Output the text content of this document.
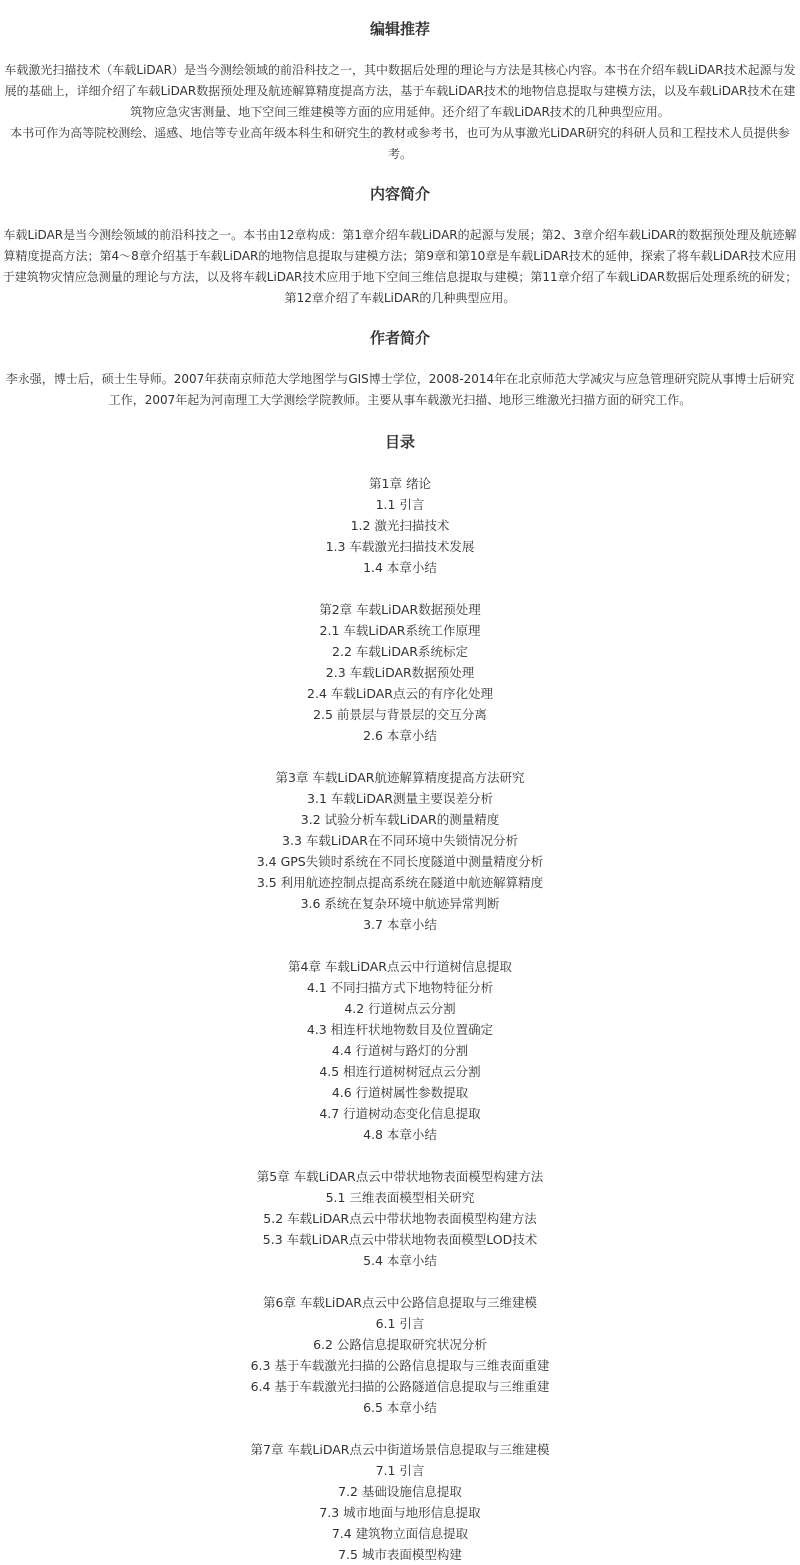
编辑推荐

车载激光扫描技术（车载LiDAR）是当今测绘领域的前沿科技之一，其中数据后处理的理论与方法是其核心内容。本书在介绍车载LiDAR技术起源与发展的基础上，详细介绍了车载LiDAR数据预处理及航迹解算精度提高方法，基于车载LiDAR技术的地物信息提取与建模方法，以及车载LiDAR技术在建筑物应急灾害测量、地下空间三维建模等方面的应用延伸。还介绍了车载LiDAR技术的几种典型应用。

本书可作为高等院校测绘、遥感、地信等专业高年级本科生和研究生的教材或参考书，也可为从事激光LiDAR研究的科研人员和工程技术人员提供参考。

内容简介

车载LiDAR是当今测绘领域的前沿科技之一。本书由12章构成：第1章介绍车载LiDAR的起源与发展；第2、3章介绍车载LiDAR的数据预处理及航迹解算精度提高方法；第4～8章介绍基于车载LiDAR的地物信息提取与建模方法；第9章和第10章是车载LiDAR技术的延伸，探索了将车载LiDAR技术应用于建筑物灾情应急测量的理论与方法，以及将车载LiDAR技术应用于地下空间三维信息提取与建模；第11章介绍了车载LiDAR数据后处理系统的研发；第12章介绍了车载LiDAR的几种典型应用。

作者简介

李永强，博士后，硕士生导师。2007年获南京师范大学地图学与GIS博士学位，2008-2014年在北京师范大学减灾与应急管理研究院从事博士后研究工作，2007年起为河南理工大学测绘学院教师。主要从事车载激光扫描、地形三维激光扫描方面的研究工作。

目录
第1章 绪论
1.1 引言
1.2 激光扫描技术
1.3 车载激光扫描技术发展
1.4 本章小结
第2章 车载LiDAR数据预处理
2.1 车载LiDAR系统工作原理
2.2 车载LiDAR系统标定
2.3 车载LiDAR数据预处理
2.4 车载LiDAR点云的有序化处理
2.5 前景层与背景层的交互分离
2.6 本章小结
第3章 车载LiDAR航迹解算精度提高方法研究
3.1 车载LiDAR测量主要误差分析
3.2 试验分析车载LiDAR的测量精度
3.3 车载LiDAR在不同环境中失锁情况分析
3.4 GPS失锁时系统在不同长度隧道中测量精度分析
3.5 利用航迹控制点提高系统在隧道中航迹解算精度
3.6 系统在复杂环境中航迹异常判断
3.7 本章小结
第4章 车载LiDAR点云中行道树信息提取
4.1 不同扫描方式下地物特征分析
4.2 行道树点云分割
4.3 相连杆状地物数目及位置确定
4.4 行道树与路灯的分割
4.5 相连行道树树冠点云分割
4.6 行道树属性参数提取
4.7 行道树动态变化信息提取
4.8 本章小结
第5章 车载LiDAR点云中带状地物表面模型构建方法
5.1 三维表面模型相关研究
5.2 车载LiDAR点云中带状地物表面模型构建方法
5.3 车载LiDAR点云中带状地物表面模型LOD技术
5.4 本章小结
第6章 车载LiDAR点云中公路信息提取与三维建模
6.1 引言
6.2 公路信息提取研究状况分析
6.3 基于车载激光扫描的公路信息提取与三维表面重建
6.4 基于车载激光扫描的公路隧道信息提取与三维重建
6.5 本章小结
第7章 车载LiDAR点云中街道场景信息提取与三维建模
7.1 引言
7.2 基础设施信息提取
7.3 城市地面与地形信息提取
7.4 建筑物立面信息提取
7.5 城市表面模型构建
